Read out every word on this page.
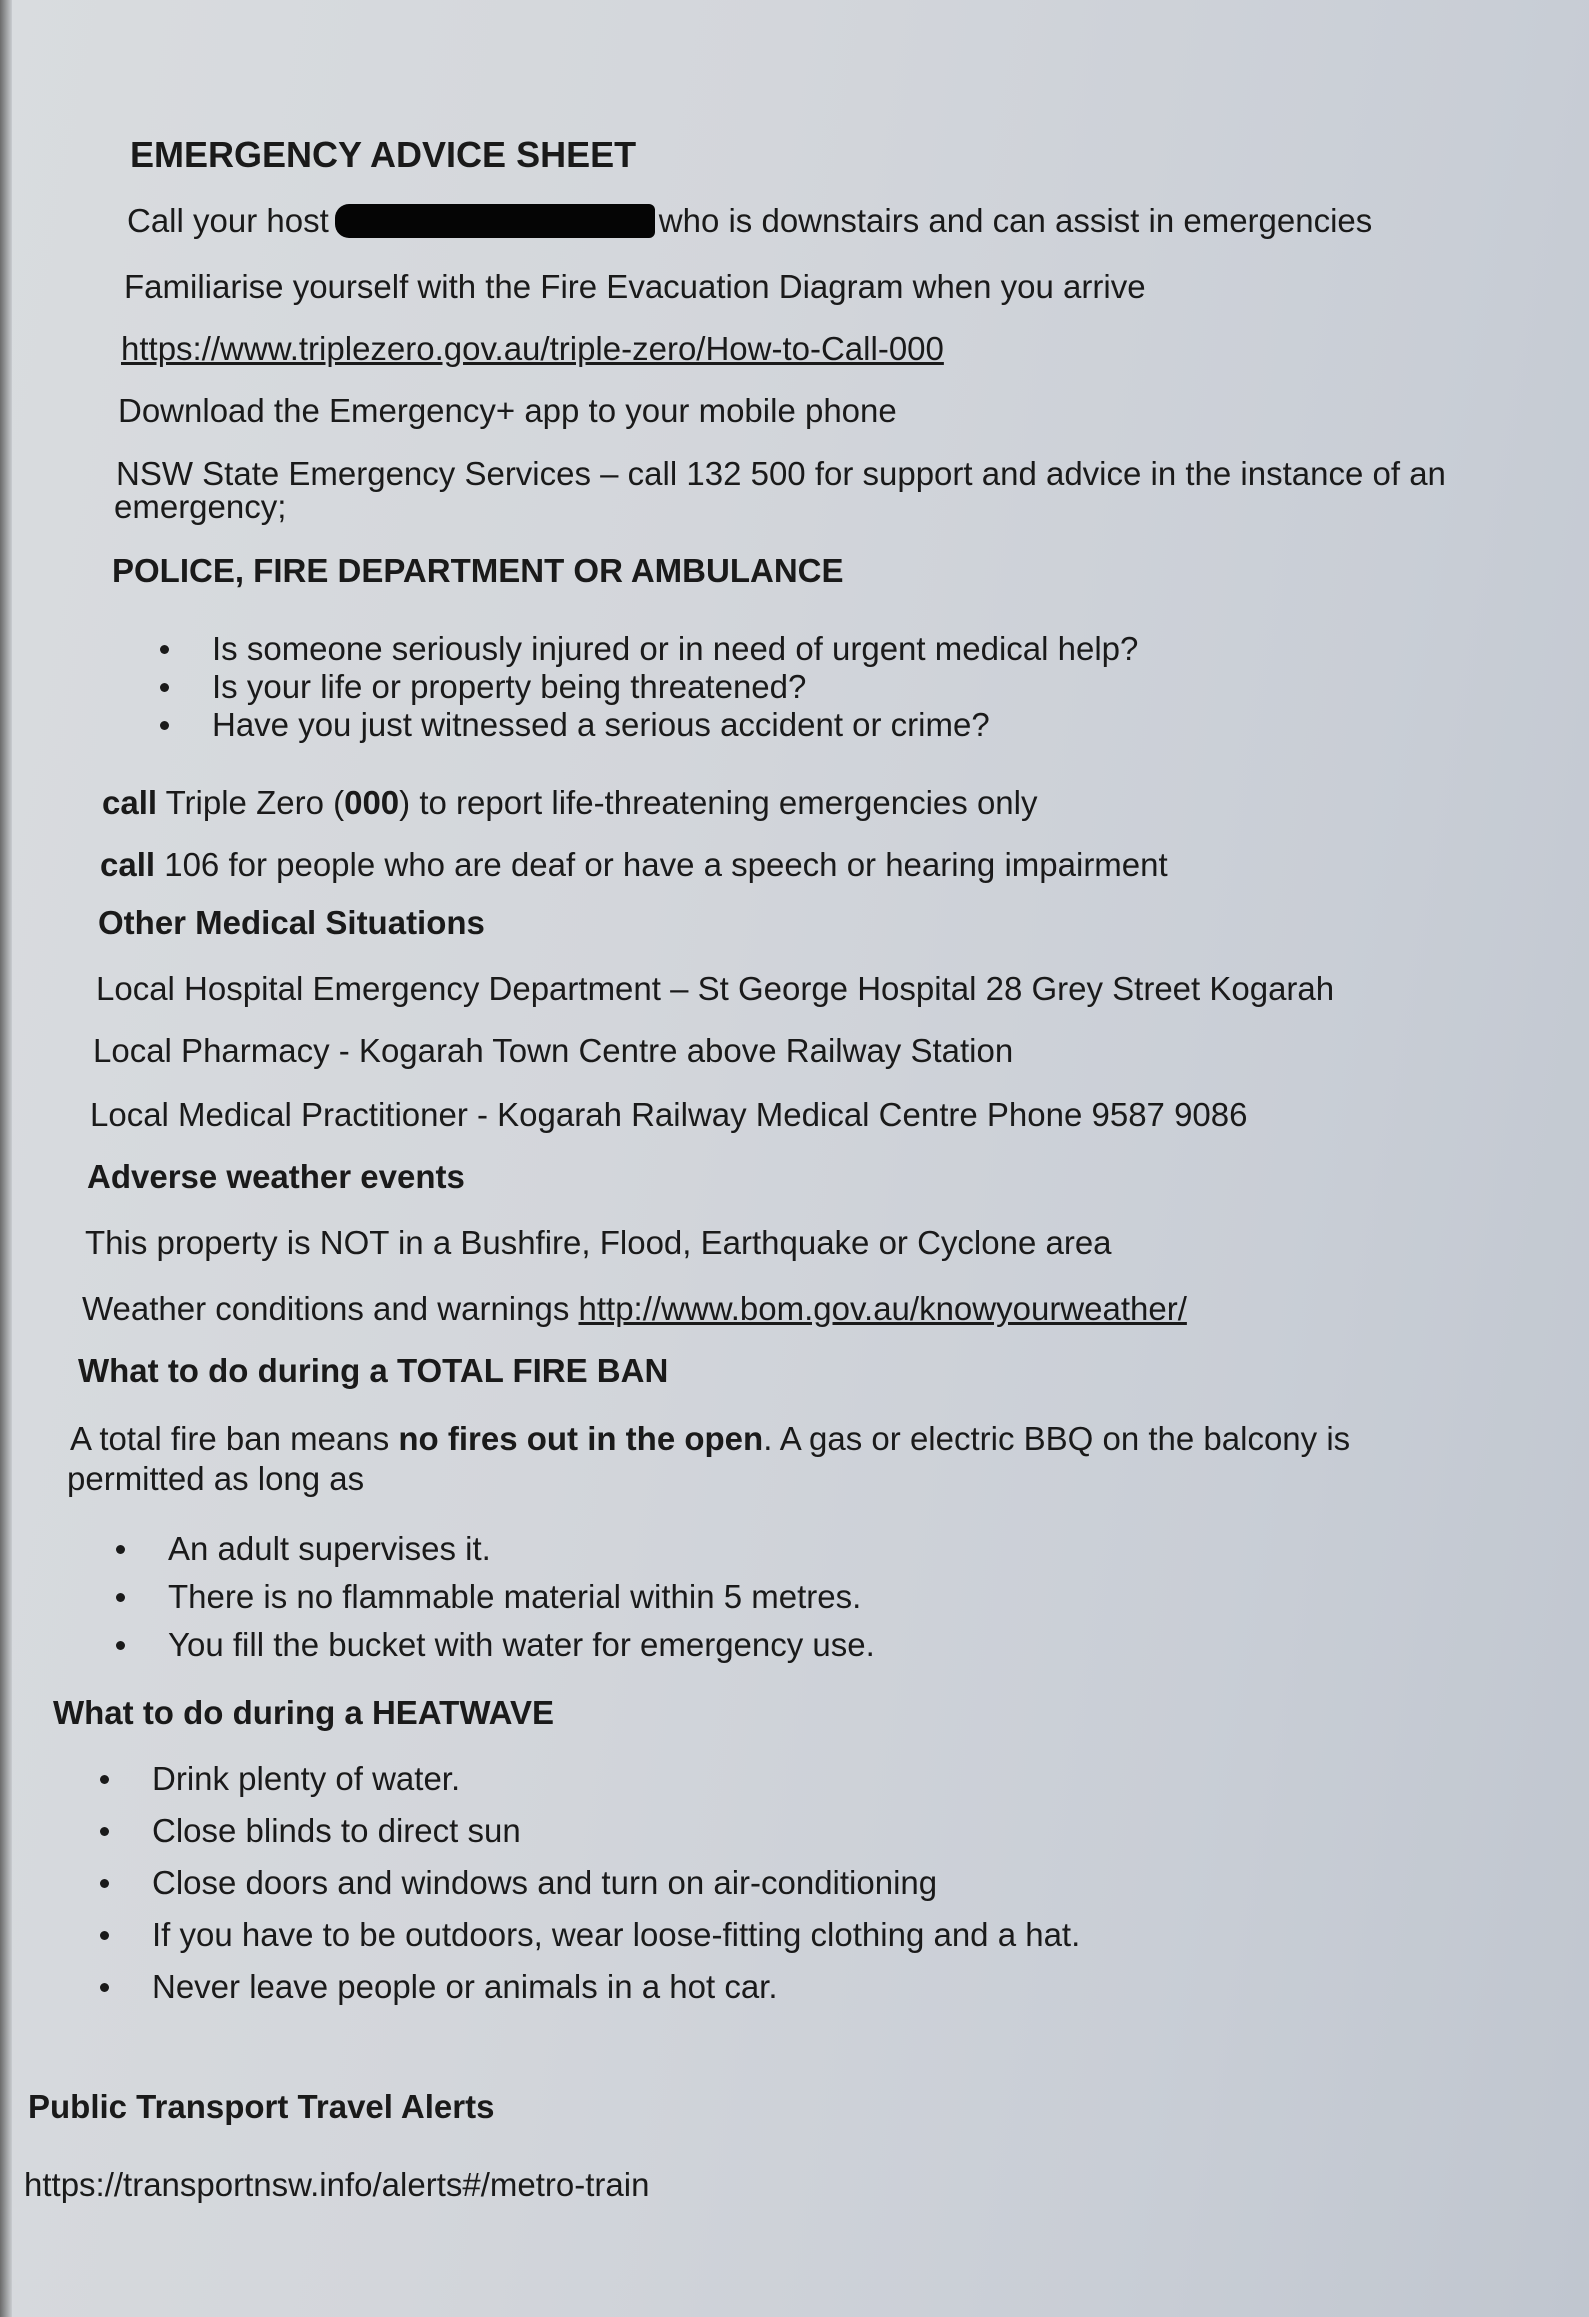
EMERGENCY ADVICE SHEET
Call your host	who is downstairs and can assist in emergencies
Familiarise yourself with the Fire Evacuation Diagram when you arrive
https://www.triplezero.gov.au/triple-zero/How-to-Call-000
Download the Emergency+ app to your mobile phone
NSW State Emergency Services – call 132 500 for support and advice in the instance of an
emergency;
POLICE, FIRE DEPARTMENT OR AMBULANCE
Is someone seriously injured or in need of urgent medical help?
Is your life or property being threatened?
Have you just witnessed a serious accident or crime?
call Triple Zero (000) to report life-threatening emergencies only
call 106 for people who are deaf or have a speech or hearing impairment
Other Medical Situations
Local Hospital Emergency Department – St George Hospital 28 Grey Street Kogarah
Local Pharmacy - Kogarah Town Centre above Railway Station
Local Medical Practitioner - Kogarah Railway Medical Centre Phone 9587 9086
Adverse weather events
This property is NOT in a Bushfire, Flood, Earthquake or Cyclone area
Weather conditions and warnings http://www.bom.gov.au/knowyourweather/
What to do during a TOTAL FIRE BAN
A total fire ban means no fires out in the open. A gas or electric BBQ on the balcony is
permitted as long as
An adult supervises it.
There is no flammable material within 5 metres.
You fill the bucket with water for emergency use.
What to do during a HEATWAVE
Drink plenty of water.
Close blinds to direct sun
Close doors and windows and turn on air-conditioning
If you have to be outdoors, wear loose-fitting clothing and a hat.
Never leave people or animals in a hot car.
Public Transport Travel Alerts
https://transportnsw.info/alerts#/metro-train
